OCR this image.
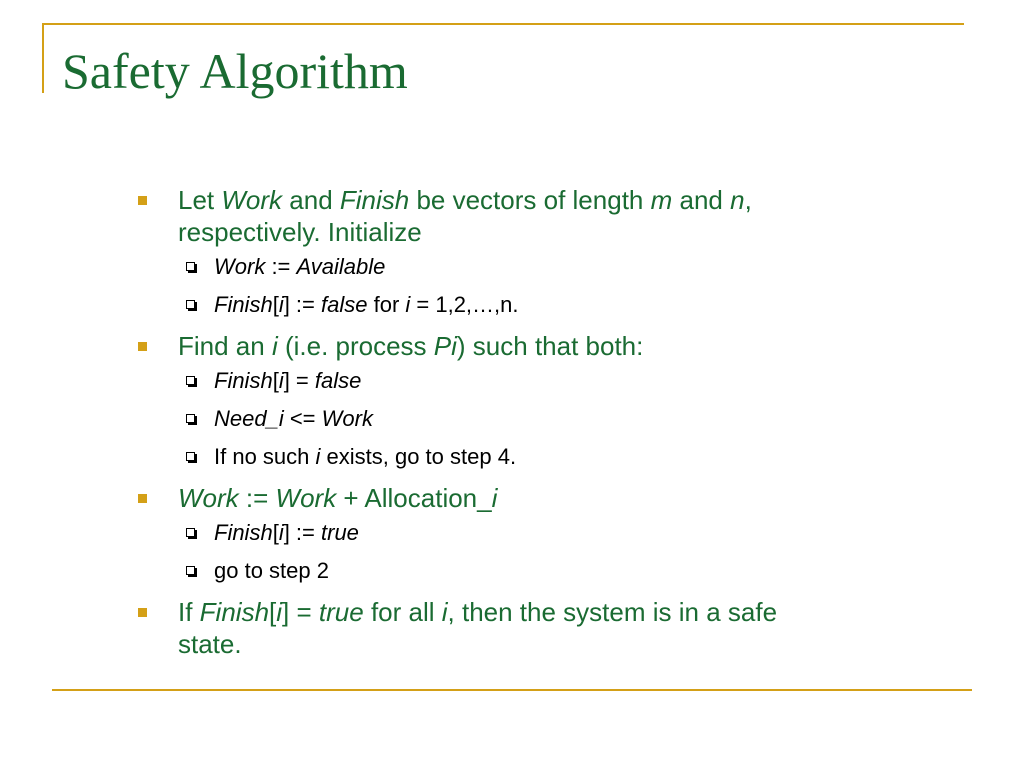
Safety Algorithm
Let Work and Finish be vectors of length m and n,
respectively. Initialize
Work := Available
Finish[i] := false for i = 1,2,…,n.
Find an i (i.e. process Pi) such that both:
Finish[i] = false
Need_i <= Work
If no such i exists, go to step 4.
Work := Work + Allocation_i
Finish[i] := true
go to step 2
If Finish[i] = true for all i, then the system is in a safe
state.
